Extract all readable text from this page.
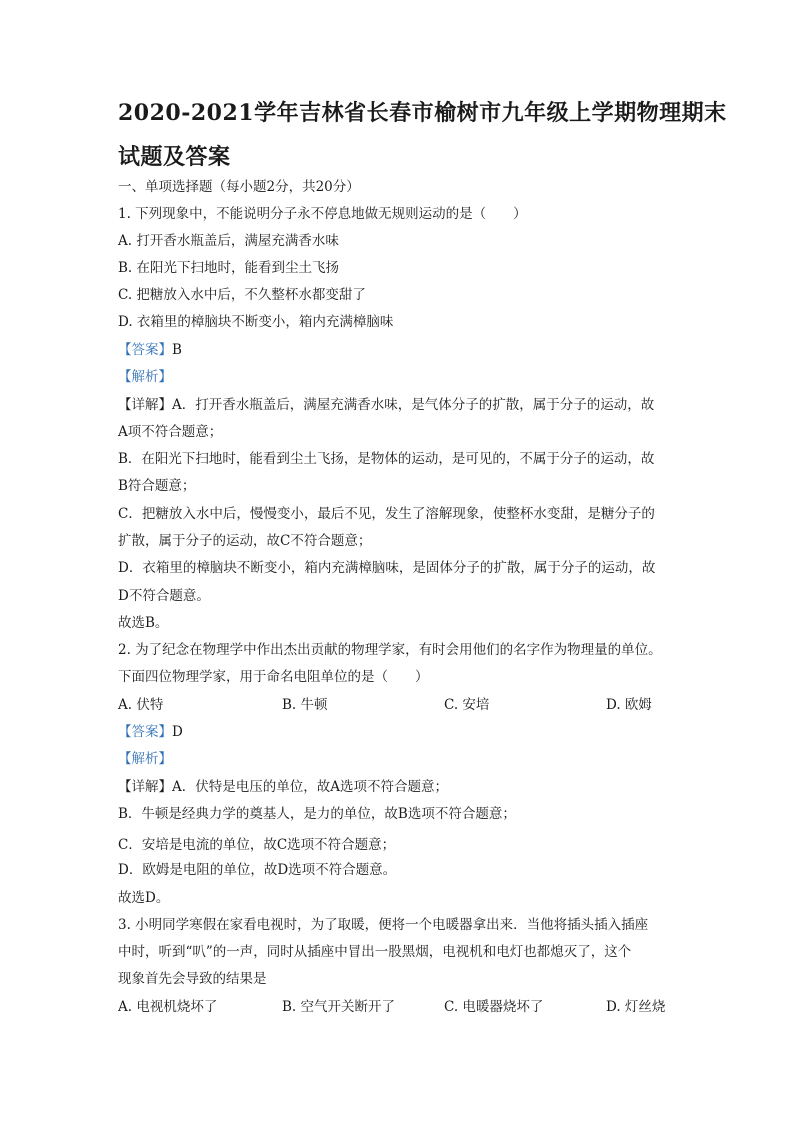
2020-2021学年吉林省长春市榆树市九年级上学期物理期末
试题及答案
一、单项选择题（每小题2分，共20分）
1. 下列现象中，不能说明分子永不停息地做无规则运动的是（　　）
A. 打开香水瓶盖后，满屋充满香水味
B. 在阳光下扫地时，能看到尘土飞扬
C. 把糖放入水中后，不久整杯水都变甜了
D. 衣箱里的樟脑块不断变小，箱内充满樟脑味
【答案】B
【解析】
【详解】A．打开香水瓶盖后，满屋充满香水味，是气体分子的扩散，属于分子的运动，故
A项不符合题意；
B．在阳光下扫地时，能看到尘土飞扬，是物体的运动，是可见的，不属于分子的运动，故
B符合题意；
C．把糖放入水中后，慢慢变小，最后不见，发生了溶解现象，使整杯水变甜，是糖分子的
扩散，属于分子的运动，故C不符合题意；
D．衣箱里的樟脑块不断变小，箱内充满樟脑味，是固体分子的扩散，属于分子的运动，故
D不符合题意。
故选B。
2. 为了纪念在物理学中作出杰出贡献的物理学家，有时会用他们的名字作为物理量的单位。
下面四位物理学家，用于命名电阻单位的是（　　）
A. 伏特	B. 牛顿	C. 安培	D. 欧姆
【答案】D
【解析】
【详解】A．伏特是电压的单位，故A选项不符合题意；
B．牛顿是经典力学的奠基人，是力的单位，故B选项不符合题意；
C．安培是电流的单位，故C选项不符合题意；
D．欧姆是电阻的单位，故D选项不符合题意。
故选D。
3. 小明同学寒假在家看电视时，为了取暖，便将一个电暖器拿出来．当他将插头插入插座
中时，听到“叭”的一声，同时从插座中冒出一股黑烟，电视机和电灯也都熄灭了，这个
现象首先会导致的结果是
A. 电视机烧坏了	B. 空气开关断开了	C. 电暖器烧坏了	D. 灯丝烧
